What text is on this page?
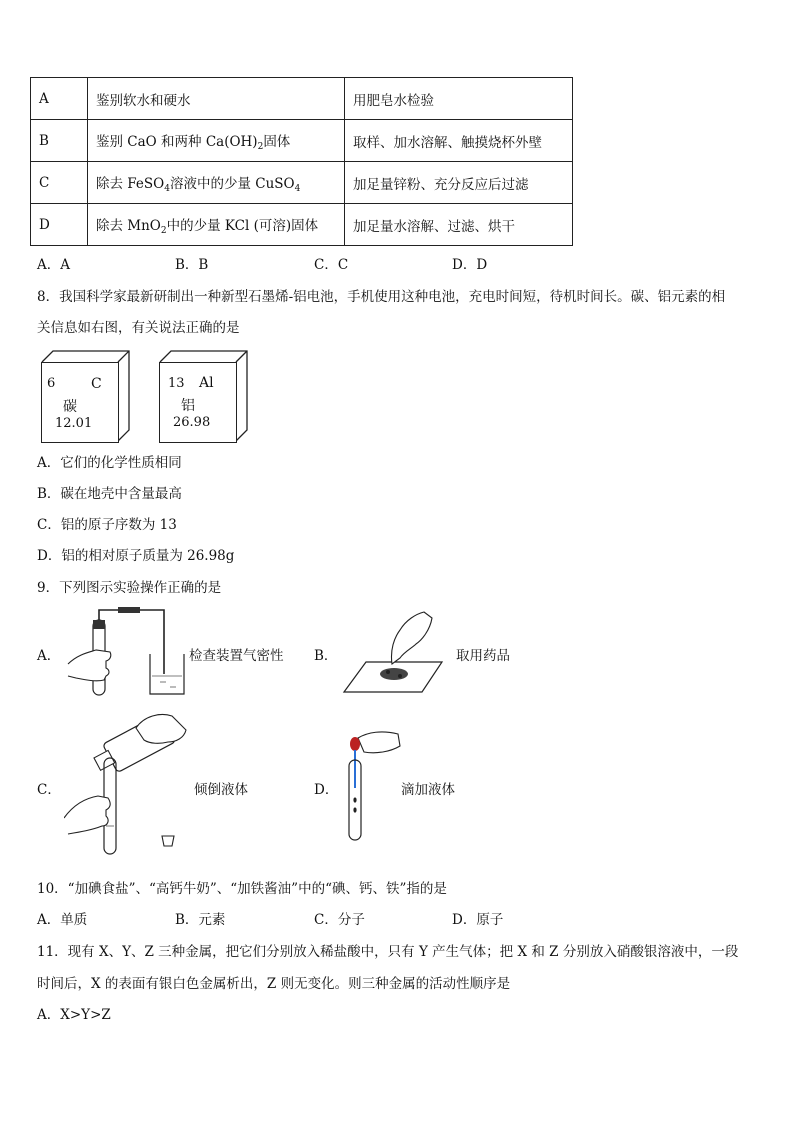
A	鉴别软水和硬水	用肥皂水检验
B	鉴别 CaO 和两种 $Ca(OH)_2$固体	取样、加水溶解、触摸烧杯外壁
C	除去 FeSO$_4$溶液中的少量 CuSO$_4$	加足量锌粉、充分反应后过滤
D	除去 MnO$_2$中的少量 KCl (可溶)固体	加足量水溶解、过滤、烘干
A．A	B．B	C．C	D．D
8．我国科学家最新研制出一种新型石墨烯-铝电池，手机使用这种电池，充电时间短，待机时间长。碳、铝元素的相
关信息如右图，有关说法正确的是
6	C
碳
12.01
13 Al
铝
26.98
A．它们的化学性质相同
B．碳在地壳中含量最高
C．铝的原子序数为 13
D．铝的相对原子质量为 26.98g
9．下列图示实验操作正确的是
A．	检查装置气密性 B．	取用药品
C．	倾倒液体	D．	滴加液体
10．“加碘食盐”、“高钙牛奶”、“加铁酱油”中的“碘、钙、铁”指的是
A．单质	B．元素	C．分子	D．原子
11．现有 X、Y、Z 三种金属，把它们分别放入稀盐酸中，只有 Y 产生气体；把 X 和 Z 分别放入硝酸银溶液中，一段
时间后，X 的表面有银白色金属析出，Z 则无变化。则三种金属的活动性顺序是
A．X>Y>Z
